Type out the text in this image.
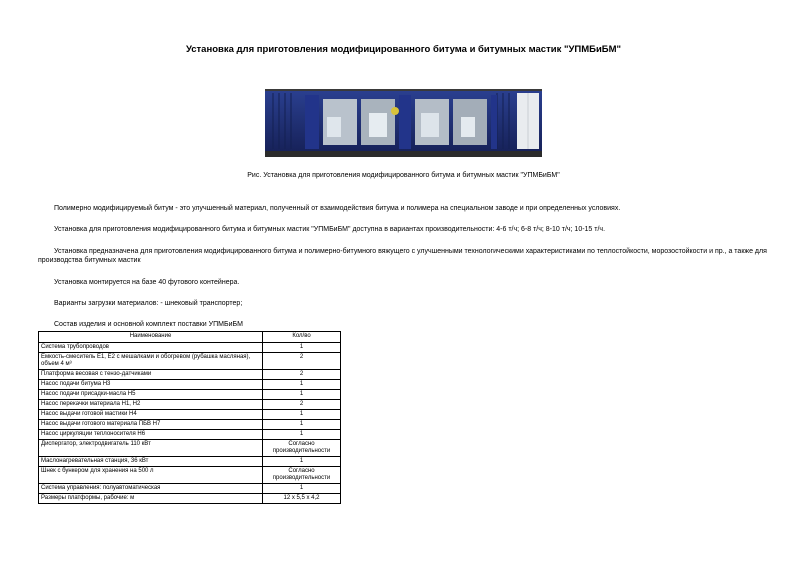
Установка для приготовления модифицированного битума и битумных мастик "УПМБиБМ"
Рис. Установка для приготовления модифицированного битума и битумных мастик "УПМБиБМ"

Полимерно модифицируемый битум - это улучшенный материал, полученный от взаимодействия битума и полимера на специальном заводе и при определенных условиях.

Установка для приготовления модифицированного битума и битумных мастик "УПМБиБМ" доступна в вариантах производительности: 4-6 т/ч; 6-8 т/ч; 8-10 т/ч; 10-15 т/ч.

Установка предназначена для приготовления модифицированного битума и полимерно-битумного вяжущего с улучшенными технологическими характеристиками по теплостойкости, морозостойкости и пр., а также для производства битумных мастик

Установка монтируется на базе 40 футового контейнера.

Варианты загрузки материалов: - шнековый транспортер;

Состав изделия и основной комплект поставки УПМБиБМ

Наименование	Кол/во
Система трубопроводов	1
Емкость-смеситель Е1, Е2 с мешалками и обогревом (рубашка масляная), объем 4 м³	2
Платформа весовая с тензо-датчиками	2
Насос подачи битума Н3	1
Насос подачи присадки-масла Н5	1
Насос перекачки материала Н1, Н2	2
Насос выдачи готовой мастики Н4	1
Насос выдачи готового материала ПБВ Н7	1
Насос циркуляции теплоносителя Н6	1
Диспергатор, электродвигатель 110 кВт	Согласно производительности
Маслонагревательная станция, 36 кВт	1
Шнек с бункером для хранения на 500 л	Согласно производительности
Система управления: полуавтоматическая	1
Размеры платформы, рабочие: м	12 х 5,5 х 4,2
